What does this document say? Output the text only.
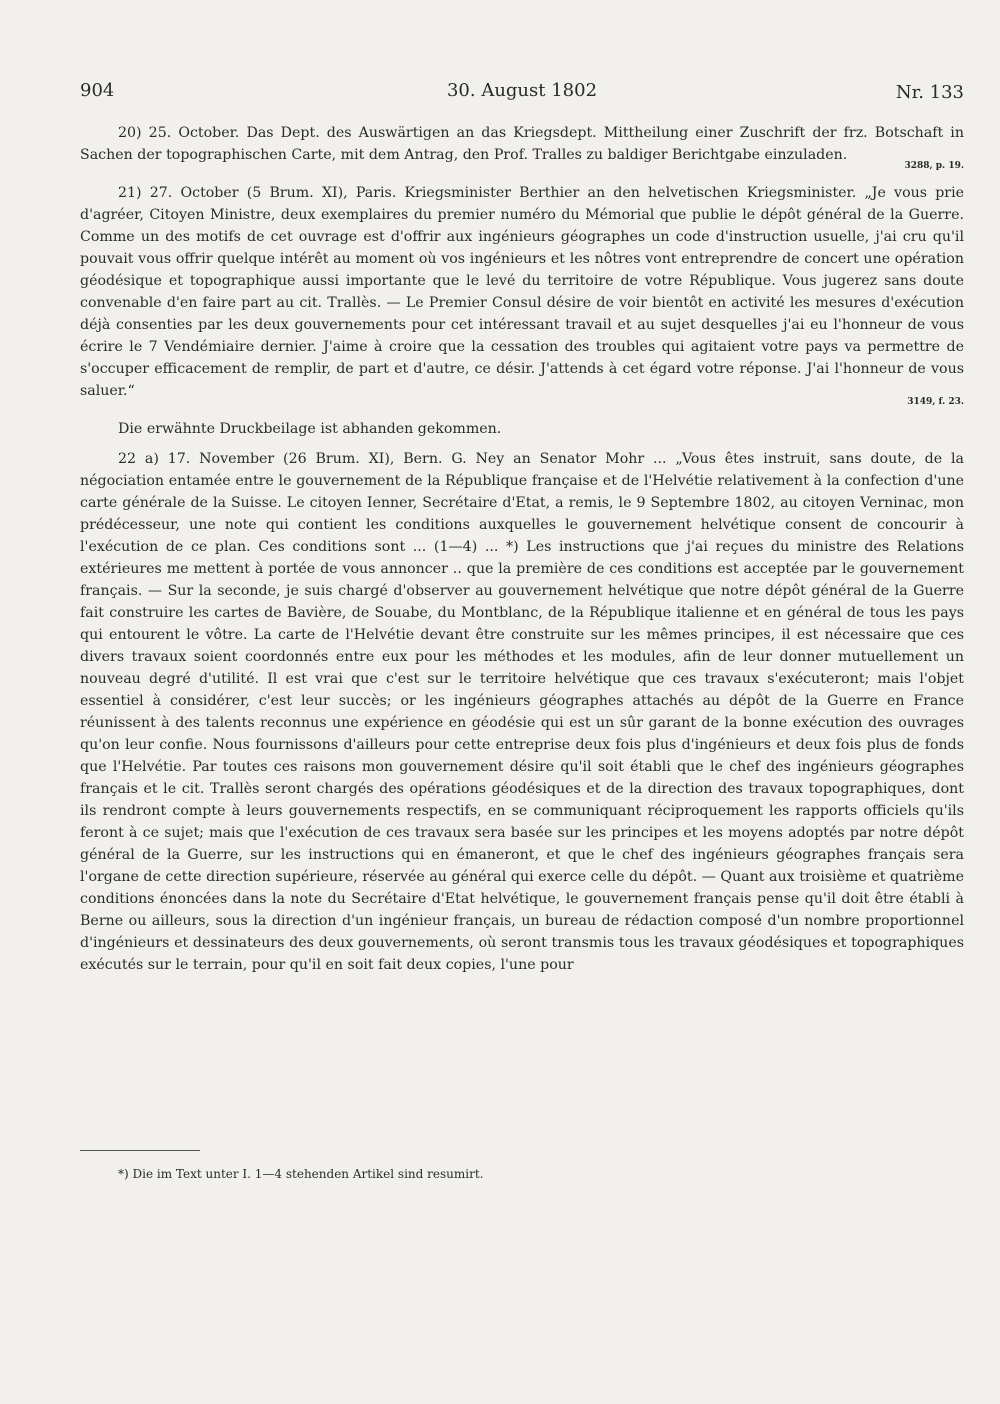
904	30. August 1802	Nr. 133

20) 25. October. Das Dept. des Auswärtigen an das Kriegsdept. Mittheilung einer Zuschrift der frz. Botschaft in Sachen der topographischen Carte, mit dem Antrag, den Prof. Tralles zu baldiger Berichtgabe einzuladen.

3288, p. 19.

21) 27. October (5 Brum. XI), Paris. Kriegsminister Berthier an den helvetischen Kriegsminister. „Je vous prie d'agréer, Citoyen Ministre, deux exemplaires du premier numéro du Mémorial que publie le dépôt général de la Guerre. Comme un des motifs de cet ouvrage est d'offrir aux ingénieurs géographes un code d'instruction usuelle, j'ai cru qu'il pouvait vous offrir quelque intérêt au moment où vos ingénieurs et les nôtres vont entreprendre de concert une opération géodésique et topographique aussi importante que le levé du territoire de votre République. Vous jugerez sans doute convenable d'en faire part au cit. Trallès. — Le Premier Consul désire de voir bientôt en activité les mesures d'exécution déjà consenties par les deux gouvernements pour cet intéressant travail et au sujet desquelles j'ai eu l'honneur de vous écrire le 7 Vendémiaire dernier. J'aime à croire que la cessation des troubles qui agitaient votre pays va permettre de s'occuper efficacement de remplir, de part et d'autre, ce désir. J'attends à cet égard votre réponse. J'ai l'honneur de vous saluer.“

3149, f. 23.

Die erwähnte Druckbeilage ist abhanden gekommen.

22 a) 17. November (26 Brum. XI), Bern. G. Ney an Senator Mohr ... „Vous êtes instruit, sans doute, de la négociation entamée entre le gouvernement de la République française et de l'Helvétie relativement à la confection d'une carte générale de la Suisse. Le citoyen Ienner, Secrétaire d'Etat, a remis, le 9 Septembre 1802, au citoyen Verninac, mon prédécesseur, une note qui contient les conditions auxquelles le gouvernement helvétique consent de concourir à l'exécution de ce plan. Ces conditions sont ... (1—4) ... *) Les instructions que j'ai reçues du ministre des Relations extérieures me mettent à portée de vous annoncer .. que la première de ces conditions est acceptée par le gouvernement français. — Sur la seconde, je suis chargé d'observer au gouvernement helvétique que notre dépôt général de la Guerre fait construire les cartes de Bavière, de Souabe, du Montblanc, de la République italienne et en général de tous les pays qui entourent le vôtre. La carte de l'Helvétie devant être construite sur les mêmes principes, il est nécessaire que ces divers travaux soient coordonnés entre eux pour les méthodes et les modules, afin de leur donner mutuellement un nouveau degré d'utilité. Il est vrai que c'est sur le territoire helvétique que ces travaux s'exécuteront; mais l'objet essentiel à considérer, c'est leur succès; or les ingénieurs géographes attachés au dépôt de la Guerre en France réunissent à des talents reconnus une expérience en géodésie qui est un sûr garant de la bonne exécution des ouvrages qu'on leur confie. Nous fournissons d'ailleurs pour cette entreprise deux fois plus d'ingénieurs et deux fois plus de fonds que l'Helvétie. Par toutes ces raisons mon gouvernement désire qu'il soit établi que le chef des ingénieurs géographes français et le cit. Trallès seront chargés des opérations géodésiques et de la direction des travaux topographiques, dont ils rendront compte à leurs gouvernements respectifs, en se communiquant réciproquement les rapports officiels qu'ils feront à ce sujet; mais que l'exécution de ces travaux sera basée sur les principes et les moyens adoptés par notre dépôt général de la Guerre, sur les instructions qui en émaneront, et que le chef des ingénieurs géographes français sera l'organe de cette direction supérieure, réservée au général qui exerce celle du dépôt. — Quant aux troisième et quatrième conditions énoncées dans la note du Secrétaire d'Etat helvétique, le gouvernement français pense qu'il doit être établi à Berne ou ailleurs, sous la direction d'un ingénieur français, un bureau de rédaction composé d'un nombre proportionnel d'ingénieurs et dessinateurs des deux gouvernements, où seront transmis tous les travaux géodésiques et topographiques exécutés sur le terrain, pour qu'il en soit fait deux copies, l'une pour

*) Die im Text unter I. 1—4 stehenden Artikel sind resumirt.
